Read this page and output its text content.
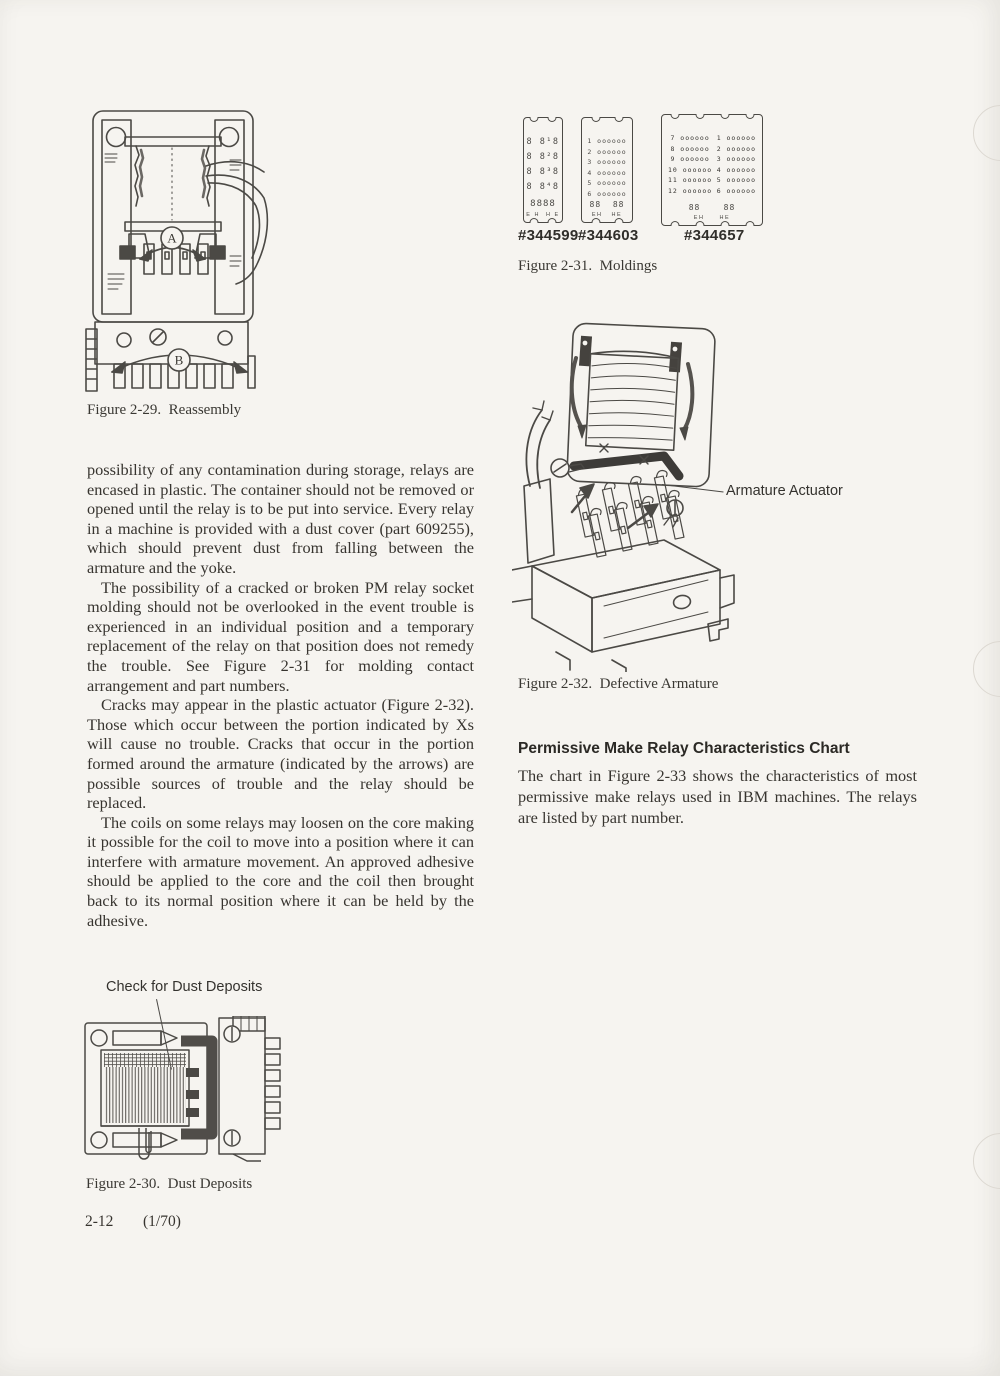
A
B
Figure 2-29.  Reassembly
8 8¹8
8 8²8
8 8³8
8 8⁴8
8888
E H  H E
1 oooooo
2 oooooo
3 oooooo
4 oooooo
5 oooooo
6 oooooo
88  88
EH   HE
7 oooooo
8 oooooo
9 oooooo
10 oooooo
11 oooooo
12 oooooo
1 oooooo
2 oooooo
3 oooooo
4 oooooo
5 oooooo
6 oooooo
88    88
EH     HE
#344599 #344603	#344657
Figure 2-31.  Moldings
Armature Actuator
Figure 2-32.  Defective Armature

possibility of any contamination during storage, relays are encased in plastic. The container should not be removed or opened until the relay is to be put into service. Every relay in a machine is provided with a dust cover (part 609255), which should prevent dust from falling between the armature and the yoke.

The possibility of a cracked or broken PM relay socket molding should not be overlooked in the event trouble is experienced in an individual position and a temporary replacement of the relay on that position does not remedy the trouble. See Figure 2-31 for molding contact arrangement and part numbers.

Cracks may appear in the plastic actuator (Figure 2-32). Those which occur between the portion indicated by Xs will cause no trouble. Cracks that occur in the portion formed around the armature (indicated by the arrows) are possible sources of trouble and the relay should be replaced.

The coils on some relays may loosen on the core making it possible for the coil to move into a position where it can interfere with armature movement. An approved adhesive should be applied to the core and the coil then brought back to its normal position where it can be held by the adhesive.

Permissive Make Relay Characteristics Chart

The chart in Figure 2-33 shows the characteristics of most permissive make relays used in IBM machines. The relays are listed by part number.

Check for Dust Deposits
Figure 2-30.  Dust Deposits
2-12 (1/70)
